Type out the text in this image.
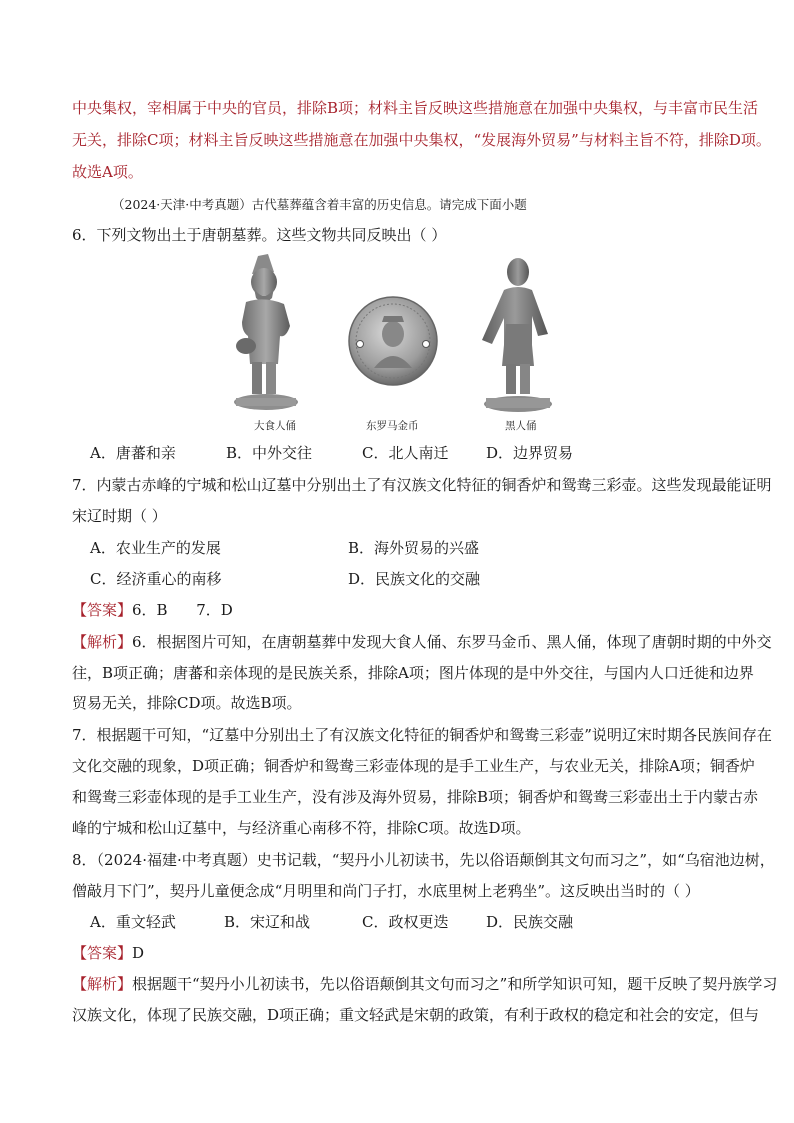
中央集权，宰相属于中央的官员，排除B项；材料主旨反映这些措施意在加强中央集权，与丰富市民生活
无关，排除C项；材料主旨反映这些措施意在加强中央集权，“发展海外贸易”与材料主旨不符，排除D项。
故选A项。
（2024·天津·中考真题）古代墓葬蕴含着丰富的历史信息。请完成下面小题
6．下列文物出土于唐朝墓葬。这些文物共同反映出（ ）
大食人俑	东罗马金币	黑人俑
A．唐蕃和亲	B．中外交往	C．北人南迁	D．边界贸易
7．内蒙古赤峰的宁城和松山辽墓中分别出土了有汉族文化特征的铜香炉和鸳鸯三彩壶。这些发现最能证明
宋辽时期（ ）
A．农业生产的发展	B．海外贸易的兴盛
C．经济重心的南移	D．民族文化的交融
【答案】6．B      7．D
【解析】6．根据图片可知，在唐朝墓葬中发现大食人俑、东罗马金币、黑人俑，体现了唐朝时期的中外交
往，B项正确；唐蕃和亲体现的是民族关系，排除A项；图片体现的是中外交往，与国内人口迁徙和边界
贸易无关，排除CD项。故选B项。
7．根据题干可知，“辽墓中分别出土了有汉族文化特征的铜香炉和鸳鸯三彩壶”说明辽宋时期各民族间存在
文化交融的现象，D项正确；铜香炉和鸳鸯三彩壶体现的是手工业生产，与农业无关，排除A项；铜香炉
和鸳鸯三彩壶体现的是手工业生产，没有涉及海外贸易，排除B项；铜香炉和鸳鸯三彩壶出土于内蒙古赤
峰的宁城和松山辽墓中，与经济重心南移不符，排除C项。故选D项。
8．（2024·福建·中考真题）史书记载，“契丹小儿初读书，先以俗语颠倒其文句而习之”，如“乌宿池边树，
僧敲月下门”，契丹儿童便念成“月明里和尚门子打，水底里树上老鸦坐”。这反映出当时的（ ）
A．重文轻武	B．宋辽和战	C．政权更迭	D．民族交融
【答案】D
【解析】根据题干“契丹小儿初读书，先以俗语颠倒其文句而习之”和所学知识可知，题干反映了契丹族学习
汉族文化，体现了民族交融，D项正确；重文轻武是宋朝的政策，有利于政权的稳定和社会的安定，但与
